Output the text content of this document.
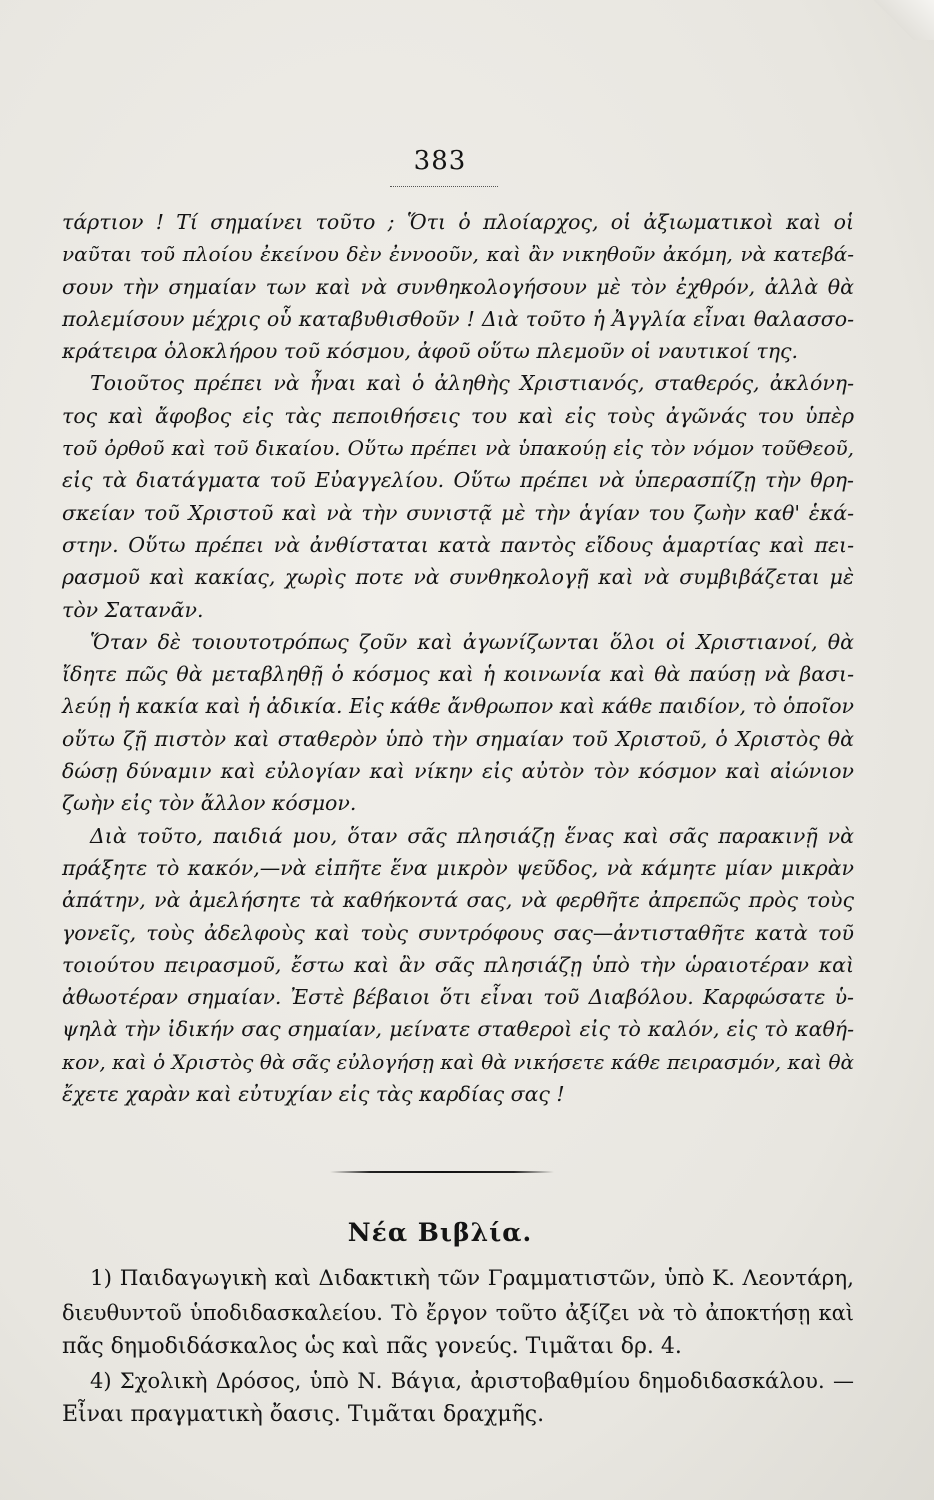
383
τάρτιον ! Τί σημαίνει τοῦτο ; Ὅτι ὁ πλοίαρχος, οἱ ἀξιωματικοὶ καὶ οἱ
ναῦται τοῦ πλοίου ἐκείνου δὲν ἐννοοῦν, καὶ ἂν νικηθοῦν ἀκόμη, νὰ κατεβά-
σουν τὴν σημαίαν των καὶ νὰ συνθηκολογήσουν μὲ τὸν ἐχθρόν, ἀλλὰ θὰ
πολεμίσουν μέχρις οὗ καταβυθισθοῦν ! Διὰ τοῦτο ἡ Ἀγγλία εἶναι θαλασσο-
κράτειρα ὁλοκλήρου τοῦ κόσμου, ἀφοῦ οὕτω πλεμοῦν οἱ ναυτικοί της.
Τοιοῦτος πρέπει νὰ ἦναι καὶ ὁ ἀληθὴς Χριστιανός, σταθερός, ἀκλόνη-
τος καὶ ἄφοβος εἰς τὰς πεποιθήσεις του καὶ εἰς τοὺς ἀγῶνάς του ὑπὲρ
τοῦ ὀρθοῦ καὶ τοῦ δικαίου. Οὕτω πρέπει νὰ ὑπακούῃ εἰς τὸν νόμον τοῦΘεοῦ,
εἰς τὰ διατάγματα τοῦ Εὐαγγελίου. Οὕτω πρέπει νὰ ὑπερασπίζῃ τὴν θρη-
σκείαν τοῦ Χριστοῦ καὶ νὰ τὴν συνιστᾷ μὲ τὴν ἁγίαν του ζωὴν καθ' ἑκά-
στην. Οὕτω πρέπει νὰ ἀνθίσταται κατὰ παντὸς εἴδους ἁμαρτίας καὶ πει-
ρασμοῦ καὶ κακίας, χωρὶς ποτε νὰ συνθηκολογῇ καὶ νὰ συμβιβάζεται μὲ
τὸν Σατανᾶν.
Ὅταν δὲ τοιουτοτρόπως ζοῦν καὶ ἀγωνίζωνται ὅλοι οἱ Χριστιανοί, θὰ
ἴδητε πῶς θὰ μεταβληθῇ ὁ κόσμος καὶ ἡ κοινωνία καὶ θὰ παύσῃ νὰ βασι-
λεύῃ ἡ κακία καὶ ἡ ἀδικία. Εἰς κάθε ἄνθρωπον καὶ κάθε παιδίον, τὸ ὁποῖον
οὕτω ζῇ πιστὸν καὶ σταθερὸν ὑπὸ τὴν σημαίαν τοῦ Χριστοῦ, ὁ Χριστὸς θὰ
δώσῃ δύναμιν καὶ εὐλογίαν καὶ νίκην εἰς αὐτὸν τὸν κόσμον καὶ αἰώνιον
ζωὴν εἰς τὸν ἄλλον κόσμον.
Διὰ τοῦτο, παιδιά μου, ὅταν σᾶς πλησιάζῃ ἕνας καὶ σᾶς παρακινῇ νὰ
πράξητε τὸ κακόν,—νὰ εἰπῆτε ἕνα μικρὸν ψεῦδος, νὰ κάμητε μίαν μικρὰν
ἀπάτην, νὰ ἀμελήσητε τὰ καθήκοντά σας, νὰ φερθῆτε ἀπρεπῶς πρὸς τοὺς
γονεῖς, τοὺς ἀδελφοὺς καὶ τοὺς συντρόφους σας—ἀντισταθῆτε κατὰ τοῦ
τοιούτου πειρασμοῦ, ἔστω καὶ ἂν σᾶς πλησιάζῃ ὑπὸ τὴν ὡραιοτέραν καὶ
ἀθωοτέραν σημαίαν. Ἐστὲ βέβαιοι ὅτι εἶναι τοῦ Διαβόλου. Καρφώσατε ὑ-
ψηλὰ τὴν ἰδικήν σας σημαίαν, μείνατε σταθεροὶ εἰς τὸ καλόν, εἰς τὸ καθή-
κον, καὶ ὁ Χριστὸς θὰ σᾶς εὐλογήσῃ καὶ θὰ νικήσετε κάθε πειρασμόν, καὶ θὰ
ἔχετε χαρὰν καὶ εὐτυχίαν εἰς τὰς καρδίας σας !
Νέα Βιβλία.
1) Παιδαγωγικὴ καὶ Διδακτικὴ τῶν Γραμματιστῶν, ὑπὸ Κ. Λεοντάρη,
διευθυντοῦ ὑποδιδασκαλείου. Τὸ ἔργον τοῦτο ἀξίζει νὰ τὸ ἀποκτήσῃ καὶ
πᾶς δημοδιδάσκαλος ὡς καὶ πᾶς γονεύς. Τιμᾶται δρ. 4.
4) Σχολικὴ Δρόσος, ὑπὸ Ν. Βάγια, ἀριστοβαθμίου δημοδιδασκάλου. —
Εἶναι πραγματικὴ ὄασις. Τιμᾶται δραχμῆς.
